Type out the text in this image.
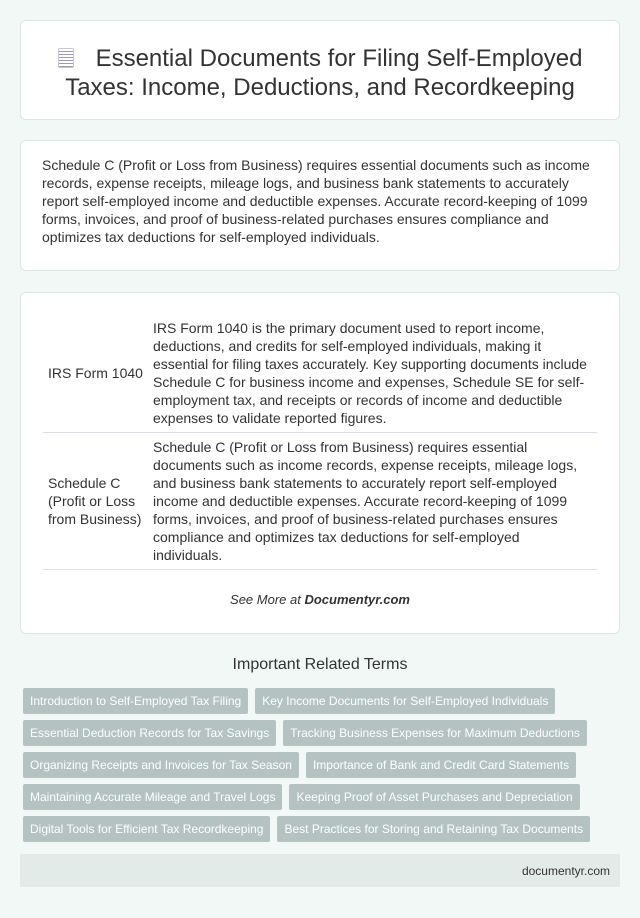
Essential Documents for Filing Self-Employed Taxes: Income, Deductions, and Recordkeeping

Schedule C (Profit or Loss from Business) requires essential documents such as income records, expense receipts, mileage logs, and business bank statements to accurately report self-employed income and deductible expenses. Accurate record-keeping of 1099 forms, invoices, and proof of business-related purchases ensures compliance and optimizes tax deductions for self-employed individuals.

IRS Form 1040	IRS Form 1040 is the primary document used to report income, deductions, and credits for self-employed individuals, making it essential for filing taxes accurately. Key supporting documents include Schedule C for business income and expenses, Schedule SE for self-employment tax, and receipts or records of income and deductible expenses to validate reported figures.
Schedule C (Profit or Loss from Business)	Schedule C (Profit or Loss from Business) requires essential documents such as income records, expense receipts, mileage logs, and business bank statements to accurately report self-employed income and deductible expenses. Accurate record-keeping of 1099 forms, invoices, and proof of business-related purchases ensures compliance and optimizes tax deductions for self-employed individuals.
See More at Documentyr.com
Important Related Terms
Introduction to Self-Employed Tax Filing	Key Income Documents for Self-Employed Individuals
Essential Deduction Records for Tax Savings	Tracking Business Expenses for Maximum Deductions
Organizing Receipts and Invoices for Tax Season	Importance of Bank and Credit Card Statements
Maintaining Accurate Mileage and Travel Logs	Keeping Proof of Asset Purchases and Depreciation
Digital Tools for Efficient Tax Recordkeeping	Best Practices for Storing and Retaining Tax Documents
documentyr.com
